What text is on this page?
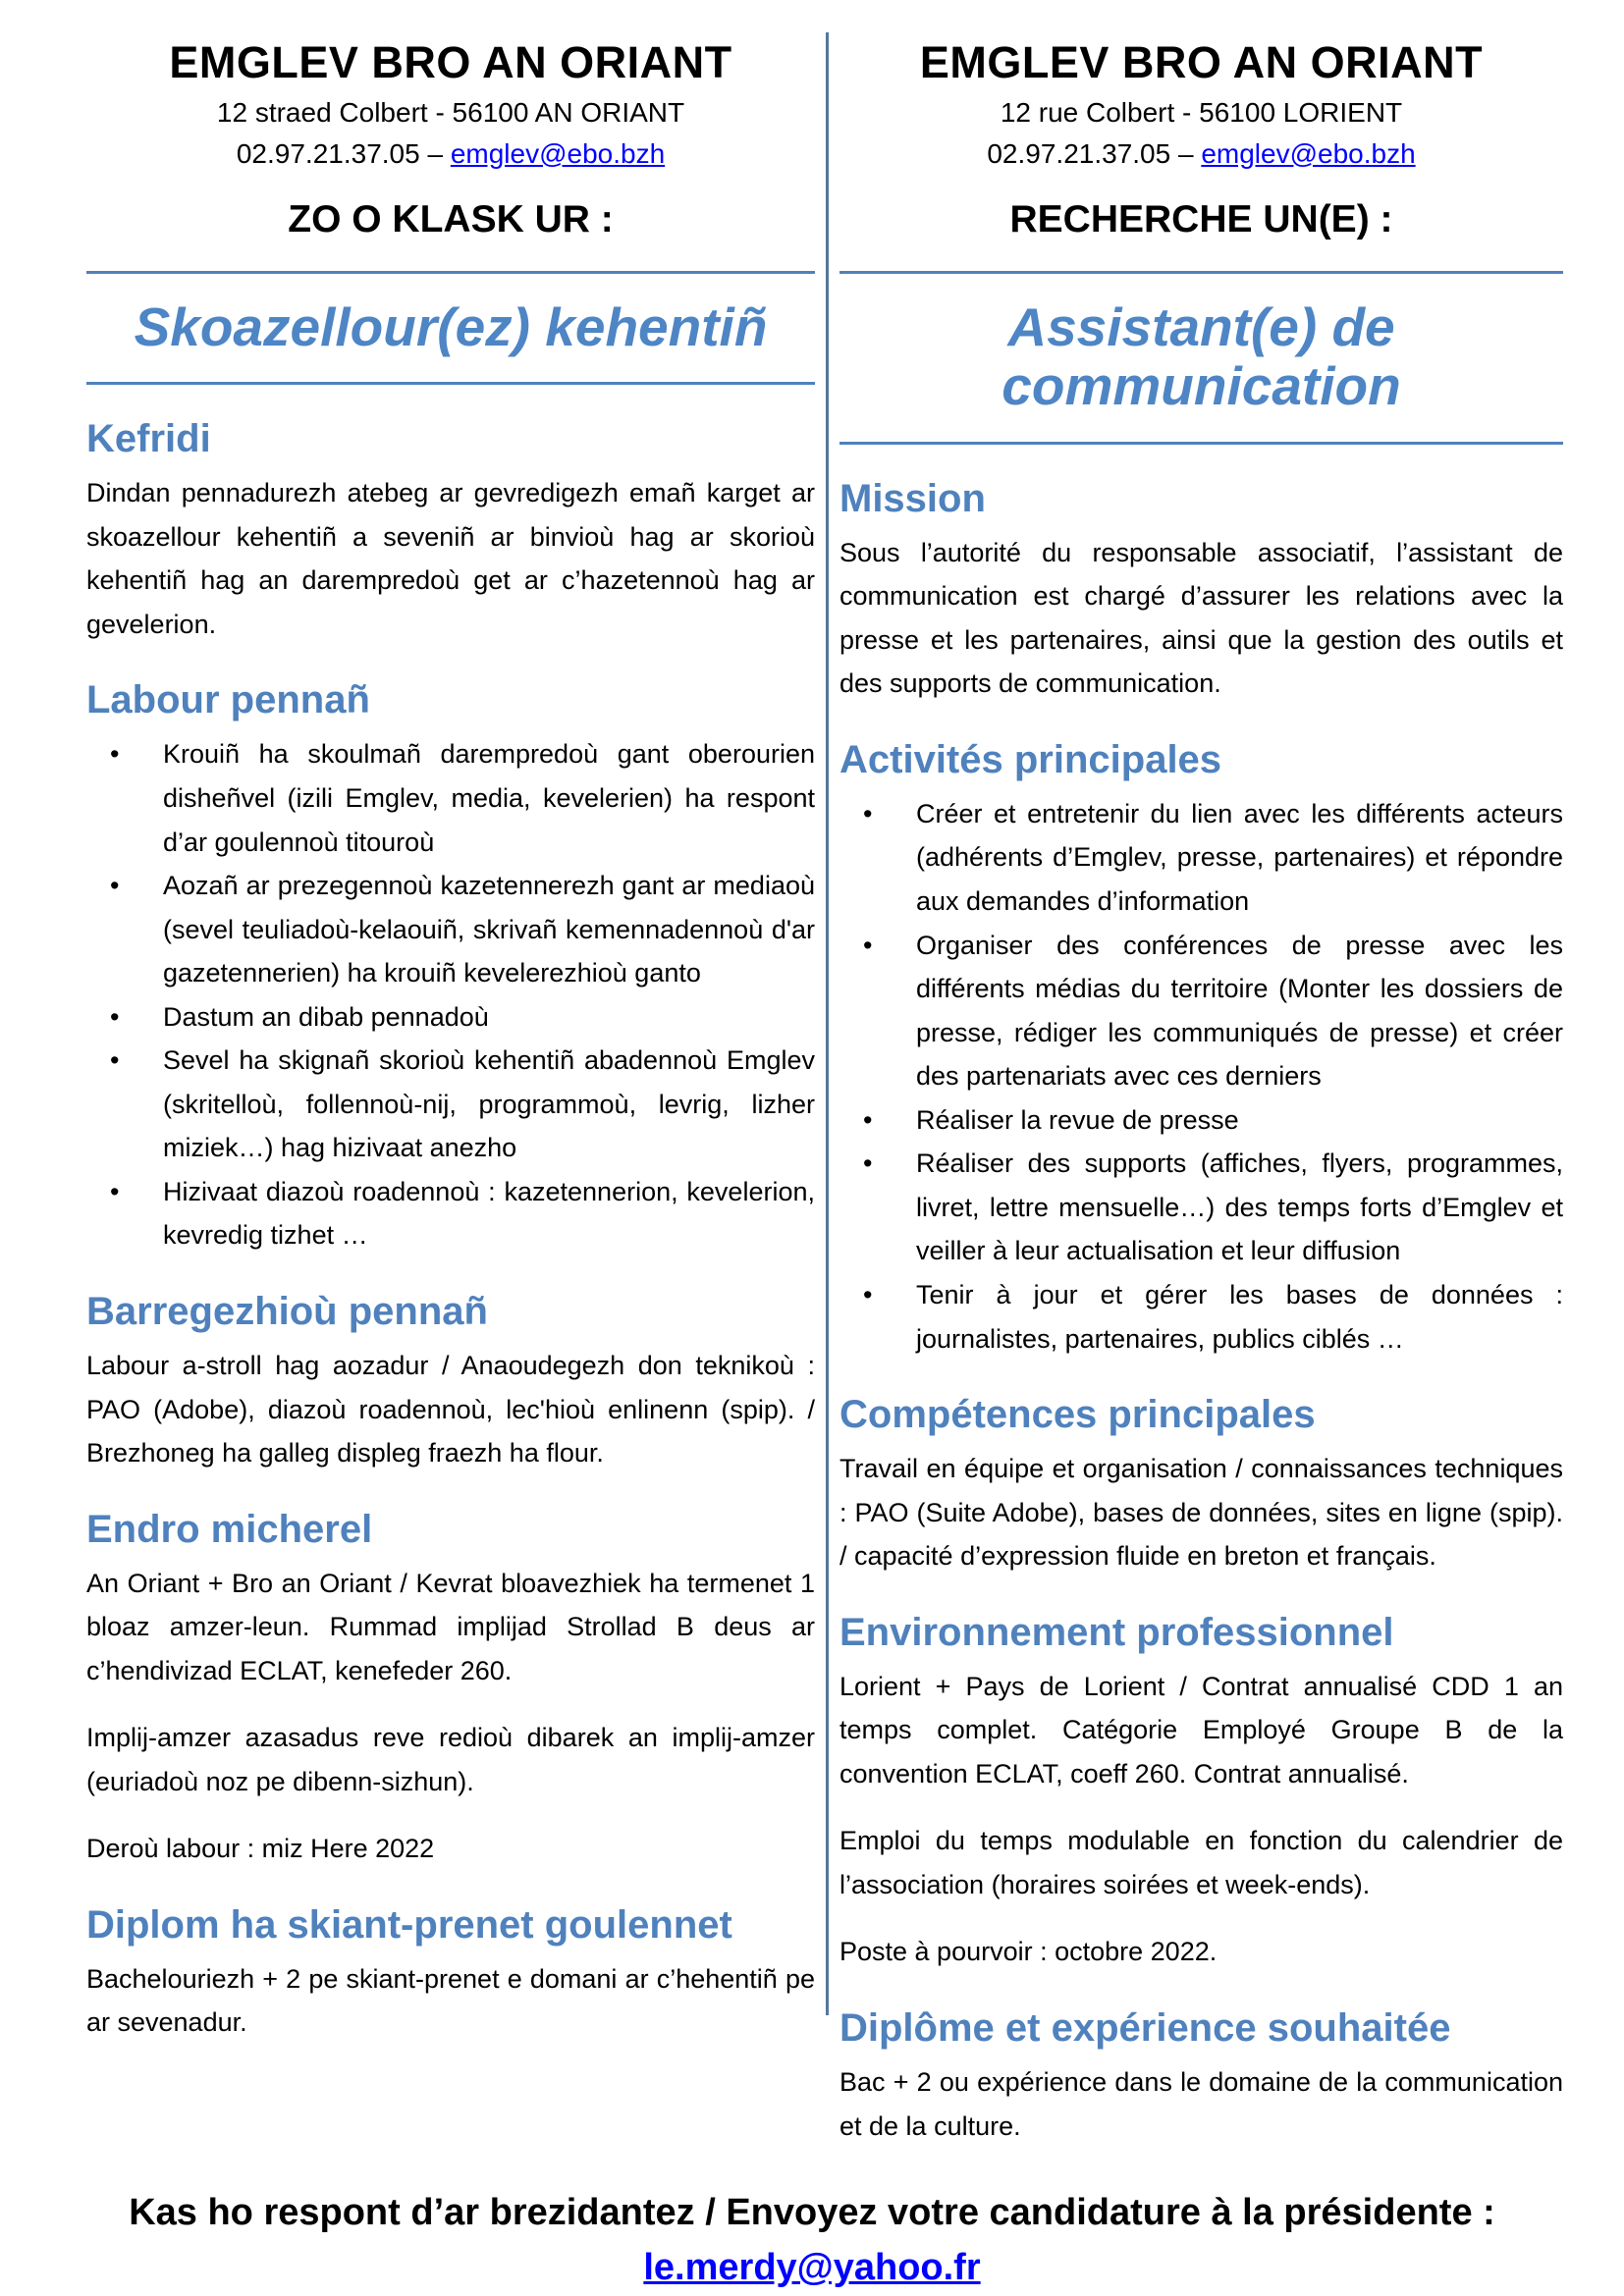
EMGLEV BRO AN ORIANT
12 straed Colbert - 56100 AN ORIANT
02.97.21.37.05 – emglev@ebo.bzh
ZO O KLASK UR :
Skoazellour(ez) kehentiñ
Kefridi

Dindan pennadurezh atebeg ar gevredigezh emañ karget ar skoazellour kehentiñ a seveniñ ar binvioù hag ar skorioù kehentiñ hag an darempredoù get ar c’hazetennoù hag ar gevelerion.

Labour pennañ
• Krouiñ ha skoulmañ darempredoù gant oberourien disheñvel (izili Emglev, media, kevelerien) ha respont d’ar goulennoù titouroù
• Aozañ ar prezegennoù kazetennerezh gant ar mediaoù (sevel teuliadoù-kelaouiñ, skrivañ kemennadennoù d'ar gazetennerien) ha krouiñ kevelerezhioù ganto
• Dastum an dibab pennadoù
• Sevel ha skignañ skorioù kehentiñ abadennoù Emglev (skritelloù, follennoù-nij, programmoù, levrig, lizher miziek…) hag hizivaat anezho
• Hizivaat diazoù roadennoù : kazetennerion, kevelerion, kevredig tizhet …
Barregezhioù pennañ

Labour a-stroll hag aozadur / Anaoudegezh don teknikoù : PAO (Adobe), diazoù roadennoù, lec'hioù enlinenn (spip). / Brezhoneg ha galleg displeg fraezh ha flour.

Endro micherel

An Oriant + Bro an Oriant / Kevrat bloavezhiek ha termenet 1 bloaz amzer-leun. Rummad implijad Strollad B deus ar c’hendivizad ECLAT, kenefeder 260.

Implij-amzer azasadus reve redioù dibarek an implij-amzer (euriadoù noz pe dibenn-sizhun).

Deroù labour : miz Here 2022

Diplom ha skiant-prenet goulennet

Bachelouriezh + 2 pe skiant-prenet e domani ar c’hehentiñ pe ar sevenadur.

EMGLEV BRO AN ORIANT
12 rue Colbert - 56100 LORIENT
02.97.21.37.05 – emglev@ebo.bzh
RECHERCHE UN(E) :
Assistant(e) de communication
Mission

Sous l’autorité du responsable associatif, l’assistant de communication est chargé d’assurer les relations avec la presse et les partenaires, ainsi que la gestion des outils et des supports de communication.

Activités principales
• Créer et entretenir du lien avec les différents acteurs (adhérents d’Emglev, presse, partenaires) et répondre aux demandes d’information
• Organiser des conférences de presse avec les différents médias du territoire (Monter les dossiers de presse, rédiger les communiqués de presse) et créer des partenariats avec ces derniers
• Réaliser la revue de presse
• Réaliser des supports (affiches, flyers, programmes, livret, lettre mensuelle…) des temps forts d’Emglev et veiller à leur actualisation et leur diffusion
• Tenir à jour et gérer les bases de données : journalistes, partenaires, publics ciblés …
Compétences principales

Travail en équipe et organisation / connaissances techniques : PAO (Suite Adobe), bases de données, sites en ligne (spip). / capacité d’expression fluide en breton et français.

Environnement professionnel

Lorient + Pays de Lorient / Contrat annualisé CDD 1 an temps complet. Catégorie Employé Groupe B de la convention ECLAT, coeff 260. Contrat annualisé.

Emploi du temps modulable en fonction du calendrier de l’association (horaires soirées et week-ends).

Poste à pourvoir : octobre 2022.

Diplôme et expérience souhaitée

Bac + 2 ou expérience dans le domaine de la communication et de la culture.

Kas ho respont d’ar brezidantez / Envoyez votre candidature à la présidente :
le.merdy@yahoo.fr
